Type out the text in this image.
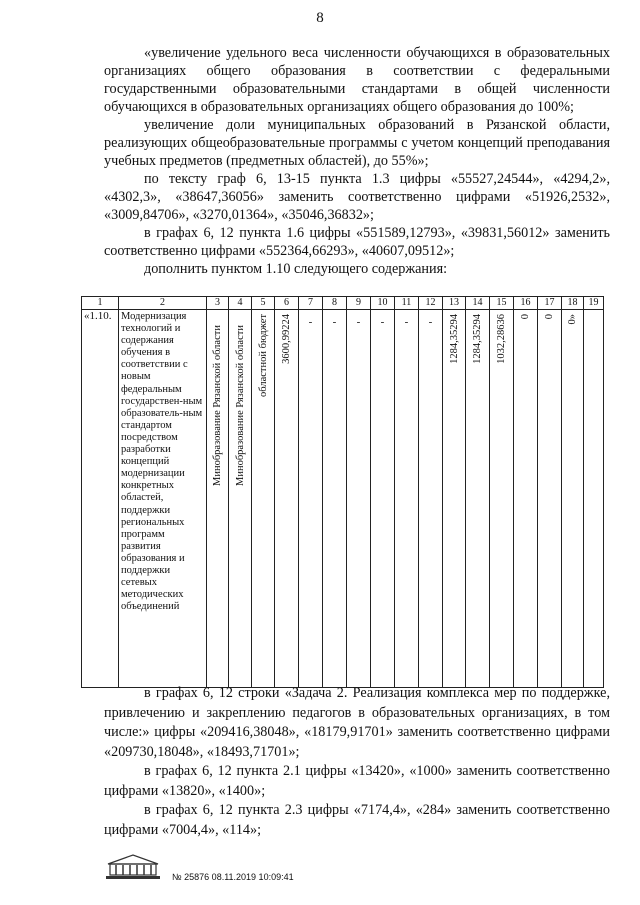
8

«увеличение удельного веса численности обучающихся в образовательных организациях общего образования в соответствии с федеральными государственными образовательными стандартами в общей численности обучающихся в образовательных организациях общего образования до 100%;

увеличение доли муниципальных образований в Рязанской области, реализующих общеобразовательные программы с учетом концепций преподавания учебных предметов (предметных областей), до 55%»;

по тексту граф 6, 13-15 пункта 1.3 цифры «55527,24544», «4294,2», «4302,3», «38647,36056» заменить соответственно цифрами «51926,2532», «3009,84706», «3270,01364», «35046,36832»;

в графах 6, 12 пункта 1.6 цифры «551589,12793», «39831,56012» заменить соответственно цифрами «552364,66293», «40607,09512»;

дополнить пунктом 1.10 следующего содержания:

1	2	3	4	5	6	7	8	9	10	11	12	13	14	15	16	17	18	19
«1.10.	Модернизация технологий и содержания обучения в соответствии с новым федеральным государствен-ным образователь-ным стандартом посредством разработки концепций модернизации конкретных областей, поддержки региональных программ развития образования и поддержки сетевых методических объединений	Минобразование Рязанской области	Минобразование Рязанской области	областной бюджет	3600,99224	-	-	-	-	-	-	1284,35294	1284,35294	1032,28636	0	0	0»	

в графах 6, 12 строки «Задача 2. Реализация комплекса мер по поддержке, привлечению и закреплению педагогов в образовательных организациях, в том числе:» цифры «209416,38048», «18179,91701» заменить соответственно цифрами «209730,18048», «18493,71701»;

в графах 6, 12 пункта 2.1 цифры «13420», «1000» заменить соответственно цифрами «13820», «1400»;

в графах 6, 12 пункта 2.3 цифры «7174,4», «284» заменить соответственно цифрами «7004,4», «114»;

№ 25876 08.11.2019 10:09:41
